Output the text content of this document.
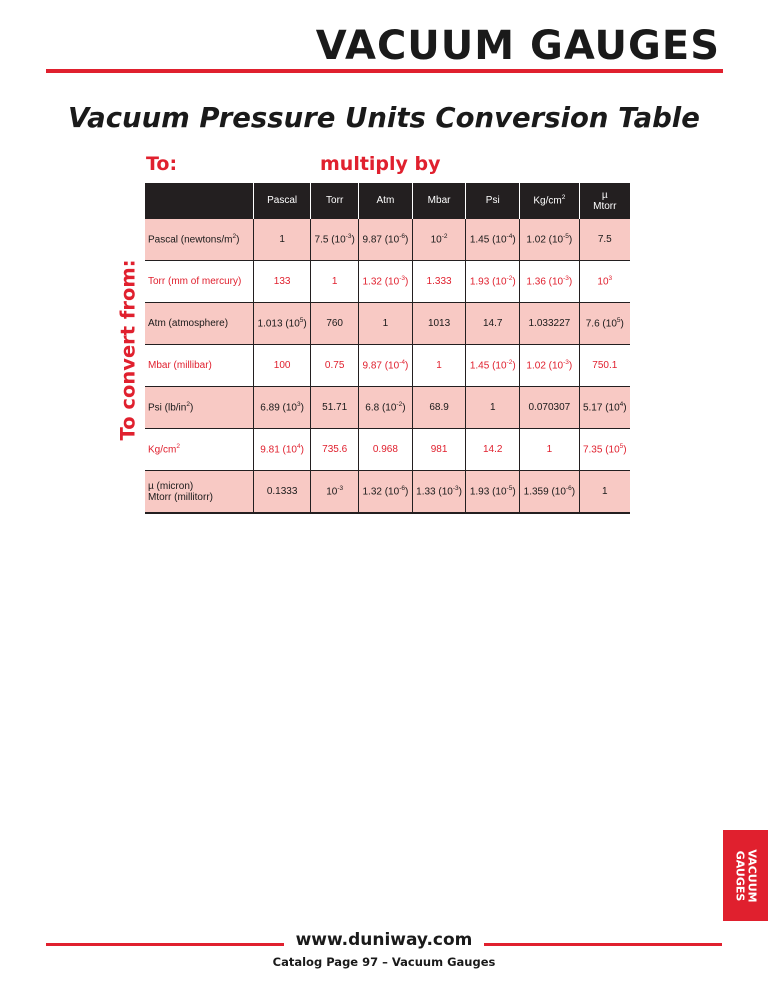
VACUUM GAUGES
Vacuum Pressure Units Conversion Table
To:	multiply by
To convert from:
	Pascal	Torr	Atm	Mbar	Psi	$Kg/cm^2$	µ
Mtorr
Pascal $(newtons/m^2)$	1	7.5 $(10^{-3})$	9.87 $(10^{-6})$	$10^{-2}$	1.45 $(10^{-4})$	1.02 $(10^{-5})$	7.5
Torr (mm of mercury)	133	1	1.32 $(10^{-3})$	1.333	1.93 $(10^{-2})$	1.36 $(10^{-3})$	$10^3$
Atm (atmosphere)	1.013 $(10^5)$	760	1	1013	14.7	1.033227	7.6 $(10^5)$
Mbar (millibar)	100	0.75	9.87 $(10^{-4})$	1	1.45 $(10^{-2})$	1.02 $(10^{-3})$	750.1
Psi $(lb/in^2)$	6.89 $(10^3)$	51.71	6.8 $(10^{-2})$	68.9	1	0.070307	5.17 $(10^4)$
$Kg/cm^2$	9.81 $(10^4)$	735.6	0.968	981	14.2	1	7.35 $(10^5)$
µ (micron)
Mtorr (millitorr)	0.1333	$10^{-3}$	1.32 $(10^{-6})$	1.33 $(10^{-3})$	1.93 $(10^{-5})$	1.359 $(10^{-6})$	1
VACUUM
GAUGES
www.duniway.com
Catalog Page 97 – Vacuum Gauges
